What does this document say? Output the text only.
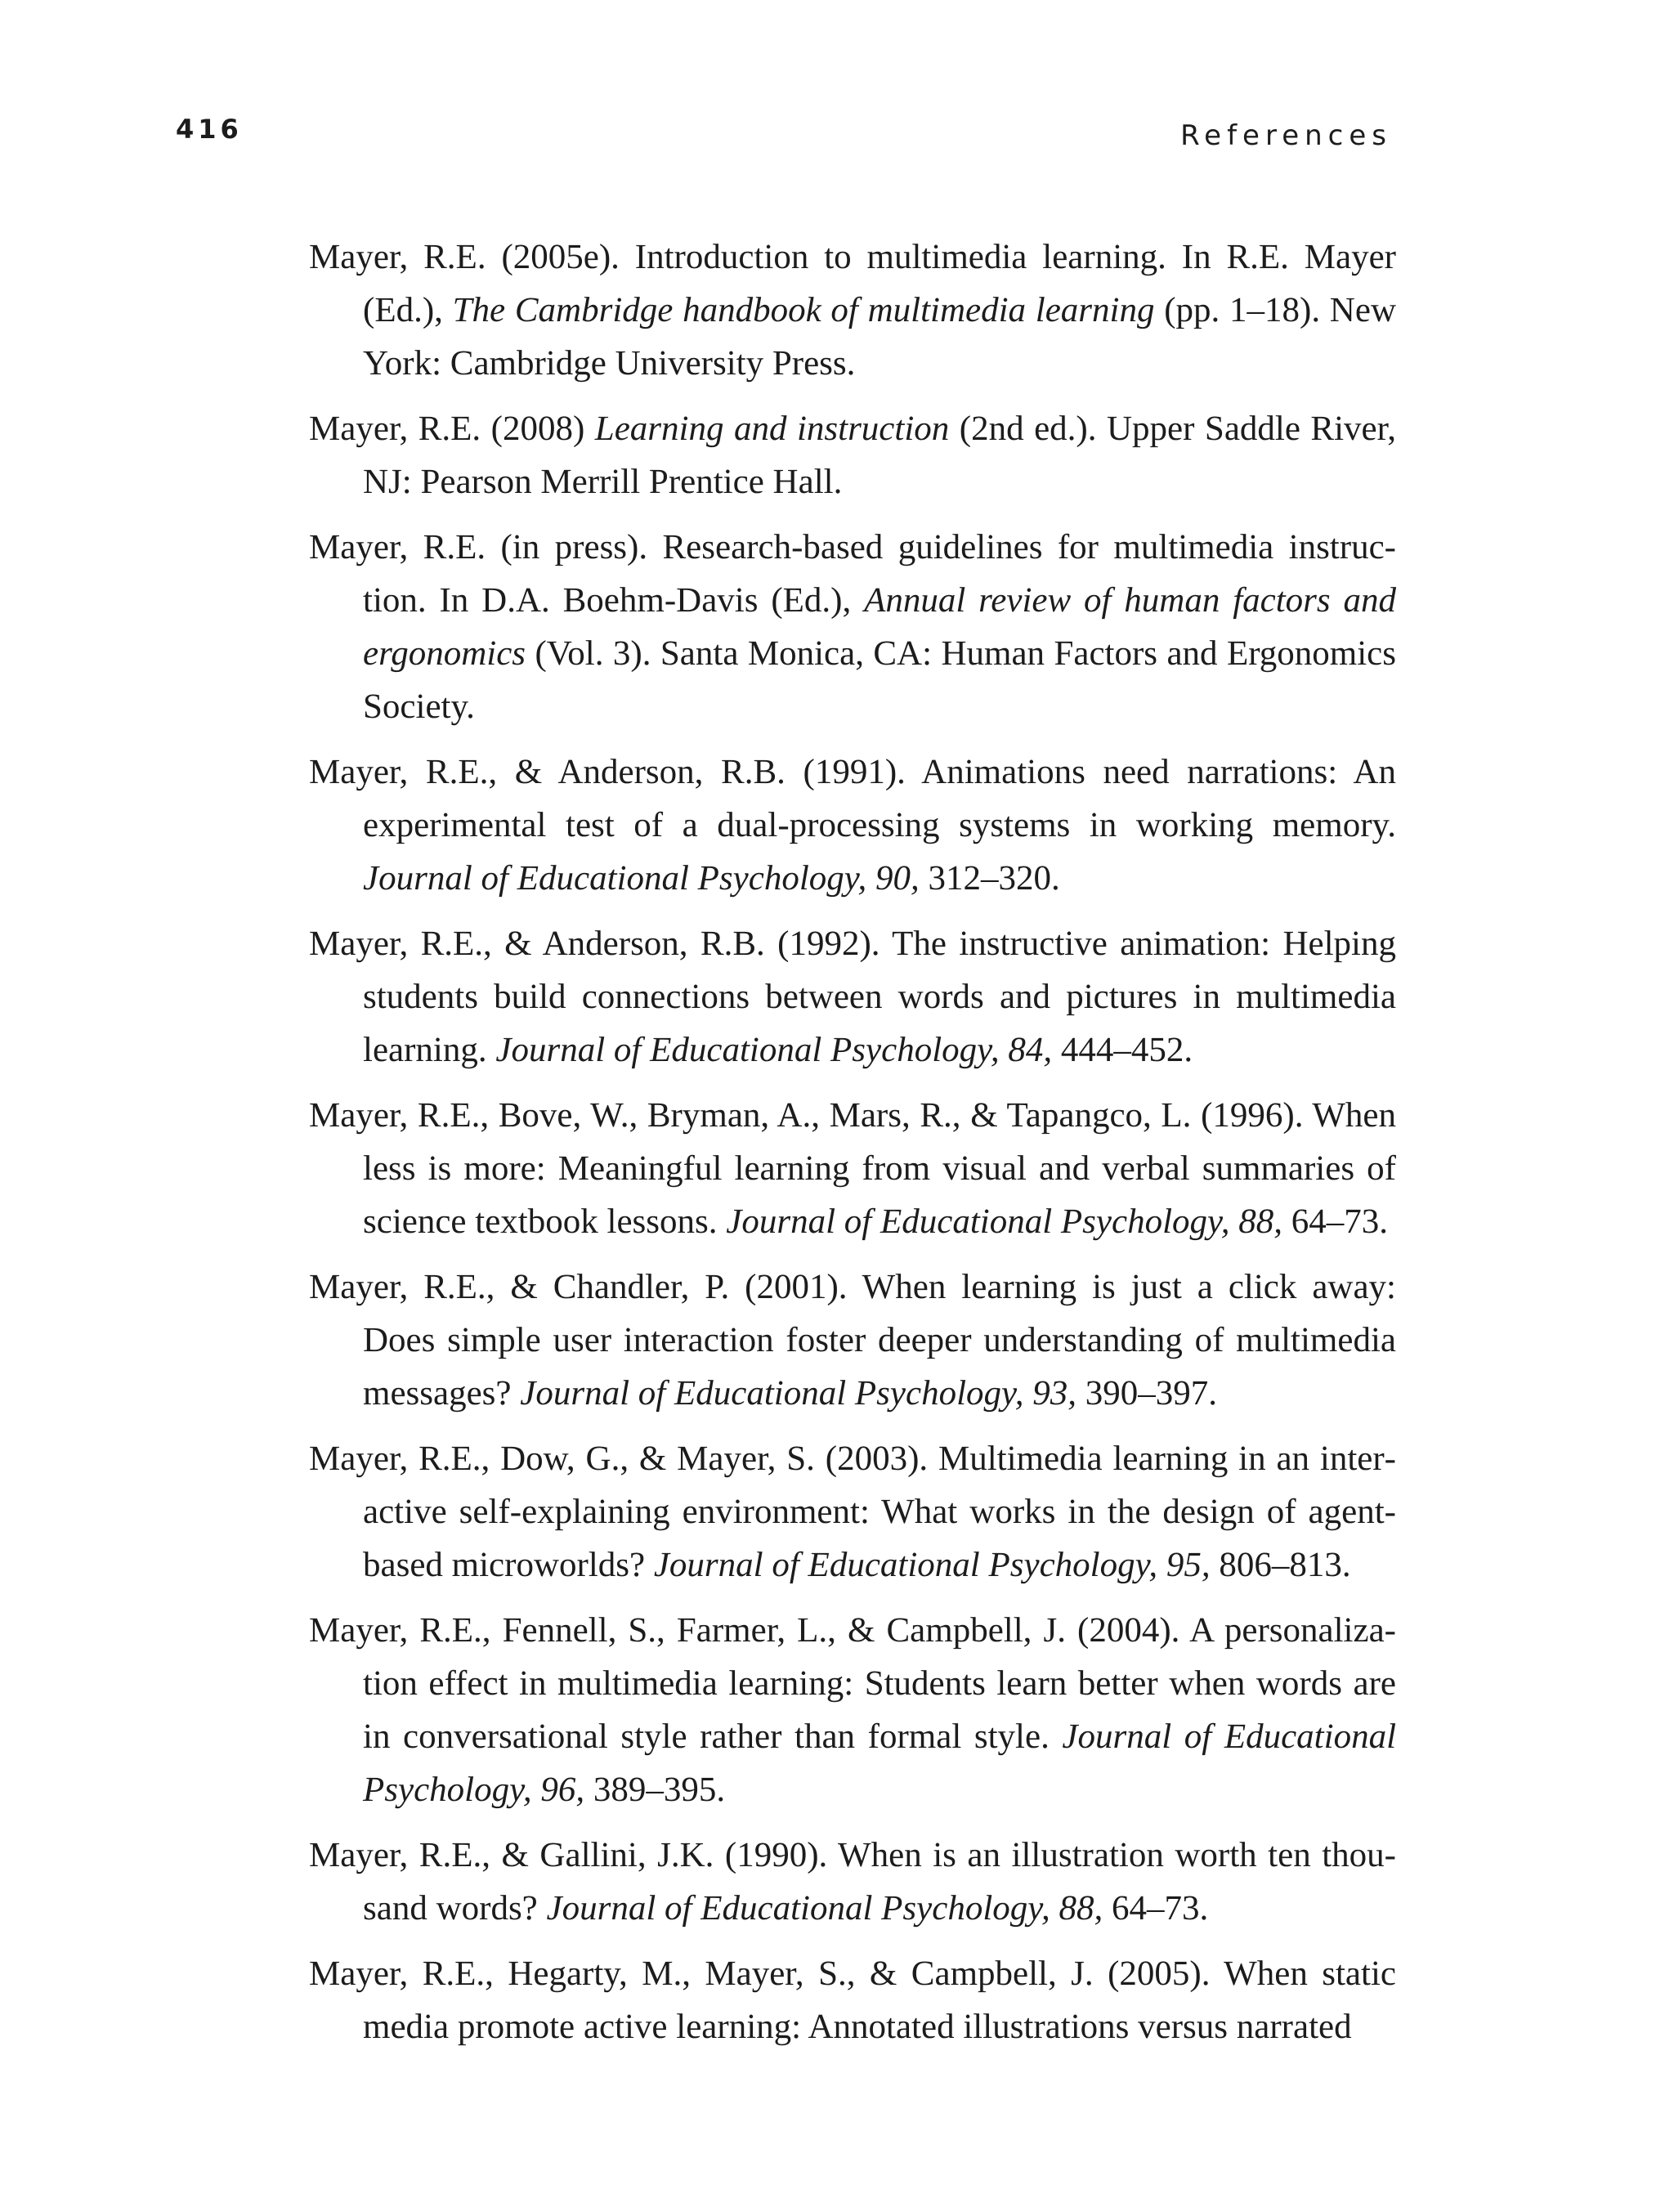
416	References

Mayer, R.E. (2005e). Introduction to multimedia learning. In R.E. Mayer (Ed.), The Cambridge handbook of multimedia learning (pp. 1–18). New York: Cambridge University Press.

Mayer, R.E. (2008) Learning and instruction (2nd ed.). Upper Saddle River, NJ: Pearson Merrill Prentice Hall.

Mayer, R.E. (in press). Research-based guidelines for multimedia instruction. In D.A. Boehm-Davis (Ed.), Annual review of human factors and ergonomics (Vol. 3). Santa Monica, CA: Human Factors and Ergonomics Society.

Mayer, R.E., & Anderson, R.B. (1991). Animations need narrations: An experimental test of a dual-processing systems in working memory. Journal of Educational Psychology, 90, 312–320.

Mayer, R.E., & Anderson, R.B. (1992). The instructive animation: Helping students build connections between words and pictures in multimedia learning. Journal of Educational Psychology, 84, 444–452.

Mayer, R.E., Bove, W., Bryman, A., Mars, R., & Tapangco, L. (1996). When less is more: Meaningful learning from visual and verbal summaries of science textbook lessons. Journal of Educational Psychology, 88, 64–73.

Mayer, R.E., & Chandler, P. (2001). When learning is just a click away: Does simple user interaction foster deeper understanding of multimedia messages? Journal of Educational Psychology, 93, 390–397.

Mayer, R.E., Dow, G., & Mayer, S. (2003). Multimedia learning in an interactive self-explaining environment: What works in the design of agent-based microworlds? Journal of Educational Psychology, 95, 806–813.

Mayer, R.E., Fennell, S., Farmer, L., & Campbell, J. (2004). A personalization effect in multimedia learning: Students learn better when words are in conversational style rather than formal style. Journal of Educational Psychology, 96, 389–395.

Mayer, R.E., & Gallini, J.K. (1990). When is an illustration worth ten thousand words? Journal of Educational Psychology, 88, 64–73.

Mayer, R.E., Hegarty, M., Mayer, S., & Campbell, J. (2005). When static media promote active learning: Annotated illustrations versus narrated
